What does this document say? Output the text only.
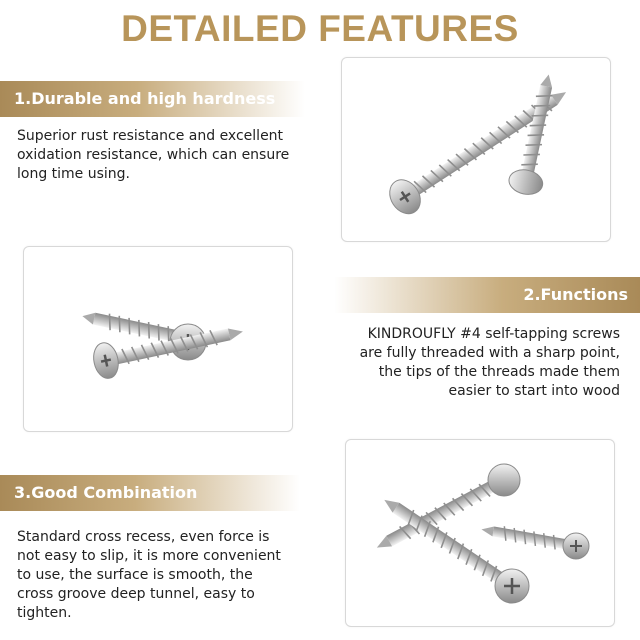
DETAILED FEATURES
1.Durable and high hardness
Superior rust resistance and excellent
oxidation resistance, which can ensure
long time using.
2.Functions
KINDROUFLY #4 self-tapping screws
are fully threaded with a sharp point,
the tips of the threads made them
easier to start into wood
3.Good Combination
Standard cross recess, even force is
not easy to slip, it is more convenient
to use, the surface is smooth, the
cross groove deep tunnel, easy to
tighten.
